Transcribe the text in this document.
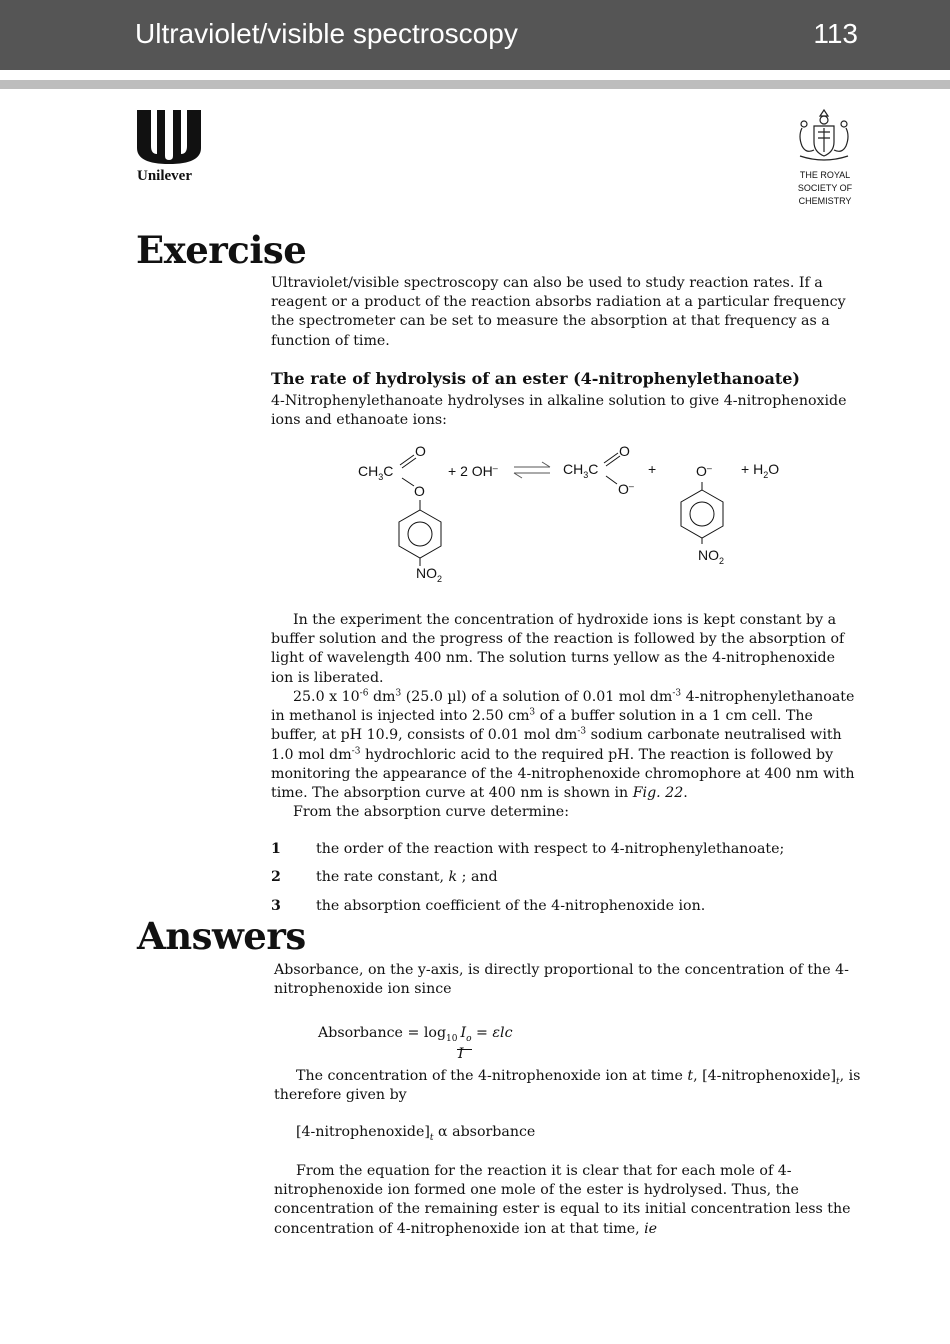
Ultraviolet/visible spectroscopy	113
Unilever	THE ROYAL
SOCIETY OF
CHEMISTRY
Exercise

Ultraviolet/visible spectroscopy can also be used to study reaction rates. If a reagent or a product of the reaction absorbs radiation at a particular frequency the spectrometer can be set to measure the absorption at that frequency as a function of time.

The rate of hydrolysis of an ester (4-nitrophenylethanoate)

4-Nitrophenylethanoate hydrolyses in alkaline solution to give 4-nitrophenoxide ions and ethanoate ions:

$CH_3C$
O
O
$NO_2$
+ 2 OH–	$CH_3C$
O
O–
+	O–
$NO_2$
+ $H_2O$

In the experiment the concentration of hydroxide ions is kept constant by a buffer solution and the progress of the reaction is followed by the absorption of light of wavelength 400 nm. The solution turns yellow as the 4-nitrophenoxide ion is liberated.

25.0 x $10^{-6}$ $dm^3$ (25.0 µl) of a solution of 0.01 mol $dm^{-3}$ 4-nitrophenylethanoate in methanol is injected into 2.50 $cm^3$ of a buffer solution in a 1 cm cell. The buffer, at pH 10.9, consists of 0.01 mol $dm^{-3}$ sodium carbonate neutralised with 1.0 mol $dm^{-3}$ hydrochloric acid to the required pH. The reaction is followed by monitoring the appearance of the 4-nitrophenoxide chromophore at 400 nm with time. The absorption curve at 400 nm is shown in Fig. 22.

From the absorption curve determine:

1 the order of the reaction with respect to 4-nitrophenylethanoate;
2 the rate constant, k ; and
3 the absorption coefficient of the 4-nitrophenoxide ion.
Answers

Absorbance, on the y-axis, is directly proportional to the concentration of the 4-nitrophenoxide ion since

Absorbance = $\log_{10} I_o = \varepsilon lc$
I

The concentration of the 4-nitrophenoxide ion at time t, $[4-nitrophenoxide]_t$, is therefore given by

$[4-nitrophenoxide]_t$ α absorbance

From the equation for the reaction it is clear that for each mole of 4-nitrophenoxide ion formed one mole of the ester is hydrolysed. Thus, the concentration of the remaining ester is equal to its initial concentration less the concentration of 4-nitrophenoxide ion at that time, ie
